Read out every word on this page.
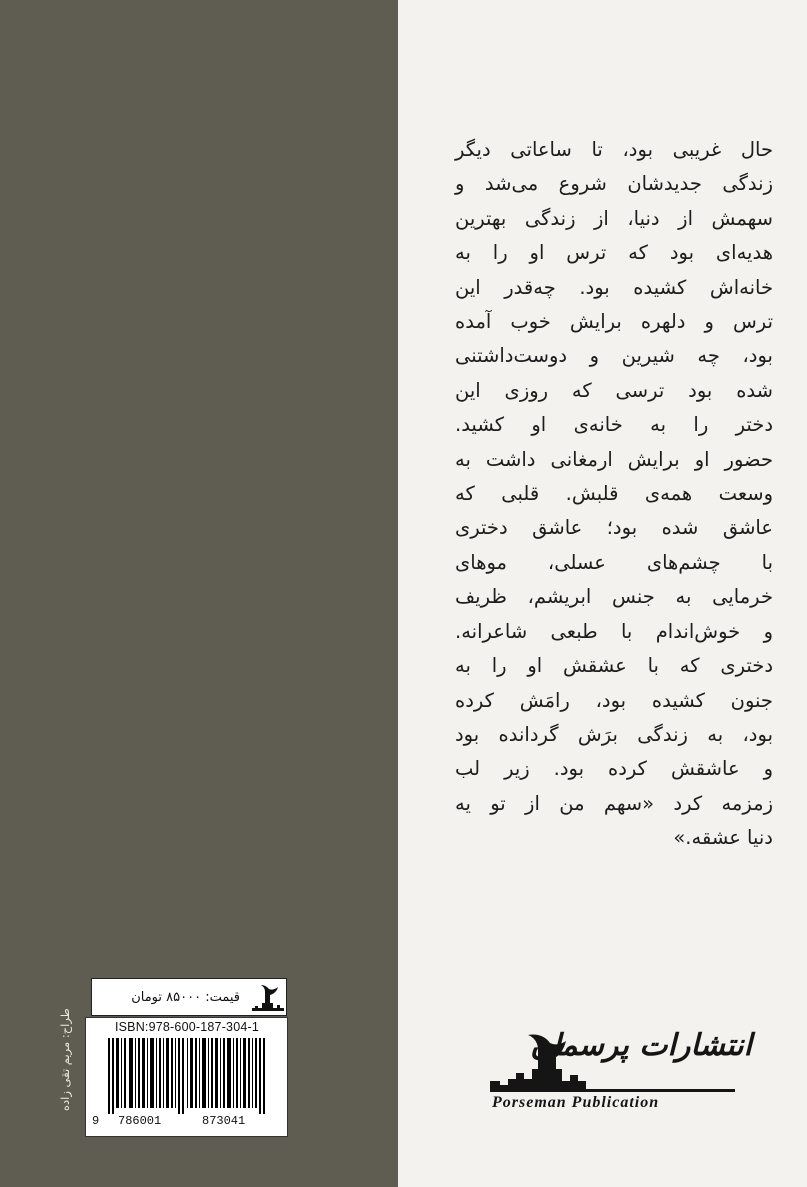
حال غریبی بود، تا ساعاتی دیگر
زندگی جدیدشان شروع می‌شد و
سهمش از دنیا، از زندگی بهترین
هدیه‌ای بود که ترس او را به
خانه‌اش کشیده بود. چه‌قدر این
ترس و دلهره برایش خوب آمده
بود، چه شیرین و دوست‌داشتنی
شده بود ترسی که روزی این
دختر را به خانه‌ی او کشید.
حضور او برایش ارمغانی داشت به
وسعت همه‌ی قلبش. قلبی که
عاشق شده بود؛ عاشق دختری
با چشم‌های عسلی، موهای
خرمایی به جنس ابریشم، ظریف
و خوش‌اندام با طبعی شاعرانه.
دختری که با عشقش او را به
جنون کشیده بود، رامَش کرده
بود، به زندگی برَش گردانده بود
و عاشقش کرده بود. زیر لب
زمزمه کرد «سهم من از تو یه
دنیا عشقه.»
طراح: مریم تقی زاده
قیمت: ۸۵۰۰۰ تومان
ISBN:978-600-187-304-1
9 786001	873041
انتشارات پرسمان
Porseman Publication
